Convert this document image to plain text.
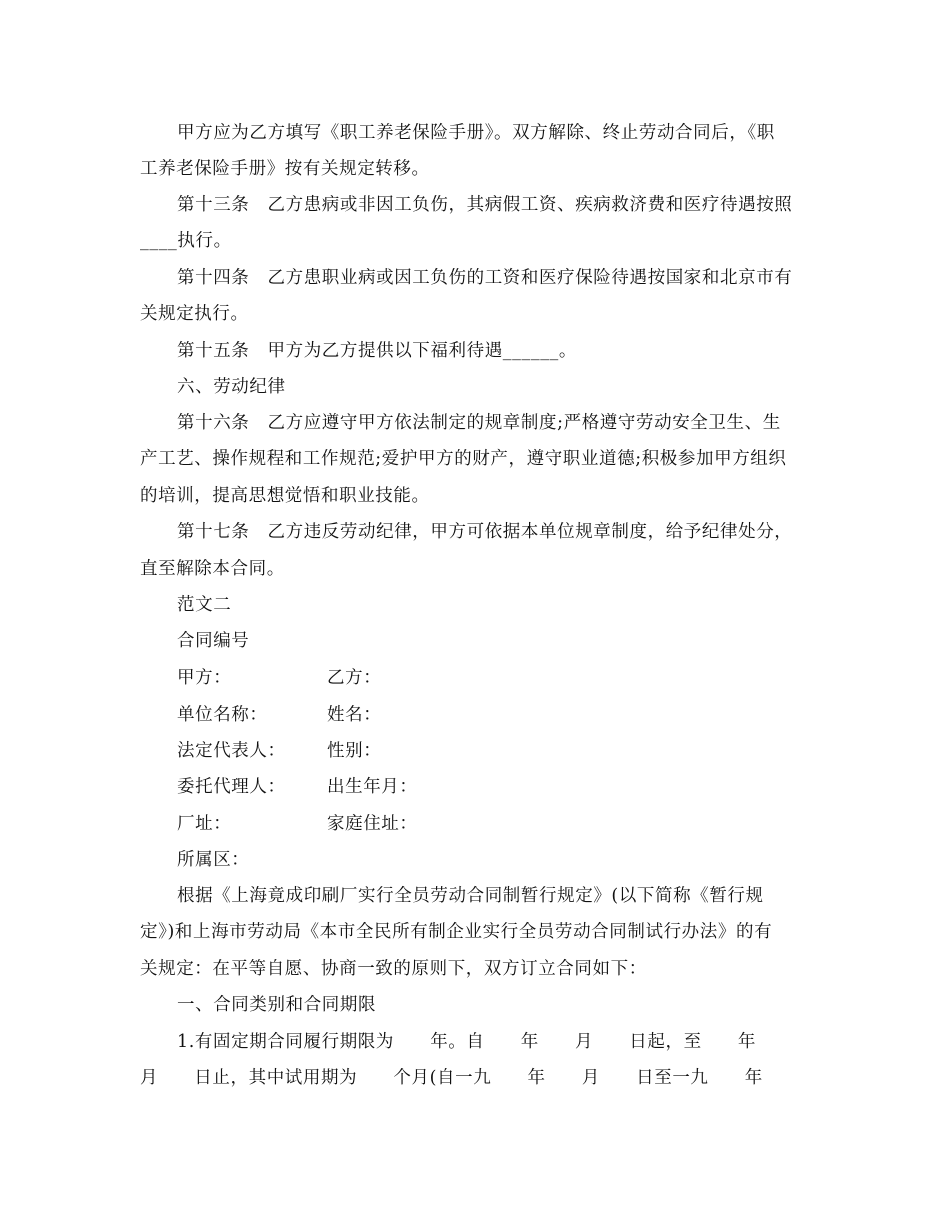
甲方应为乙方填写《职工养老保险手册》。双方解除、终止劳动合同后，《职
工养老保险手册》按有关规定转移。
第十三条　乙方患病或非因工负伤，其病假工资、疾病救济费和医疗待遇按照
____执行。
第十四条　乙方患职业病或因工负伤的工资和医疗保险待遇按国家和北京市有
关规定执行。
第十五条　甲方为乙方提供以下福利待遇______。
六、劳动纪律
第十六条　乙方应遵守甲方依法制定的规章制度;严格遵守劳动安全卫生、生
产工艺、操作规程和工作规范;爱护甲方的财产，遵守职业道德;积极参加甲方组织
的培训，提高思想觉悟和职业技能。
第十七条　乙方违反劳动纪律，甲方可依据本单位规章制度，给予纪律处分，
直至解除本合同。
范文二
合同编号
甲方：	乙方：
单位名称：	姓名：
法定代表人： 性别：
委托代理人： 出生年月：
厂址：	家庭住址：
所属区：
根据《上海竟成印刷厂实行全员劳动合同制暂行规定》(以下简称《暂行规
定》)和上海市劳动局《本市全民所有制企业实行全员劳动合同制试行办法》的有
关规定：在平等自愿、协商一致的原则下，双方订立合同如下：
一、合同类别和合同期限
1.有固定期合同履行期限为　　年。自　　年　　月　　日起，至　　年
月　　日止，其中试用期为　　个月(自一九　　年　　月　　日至一九　　年
